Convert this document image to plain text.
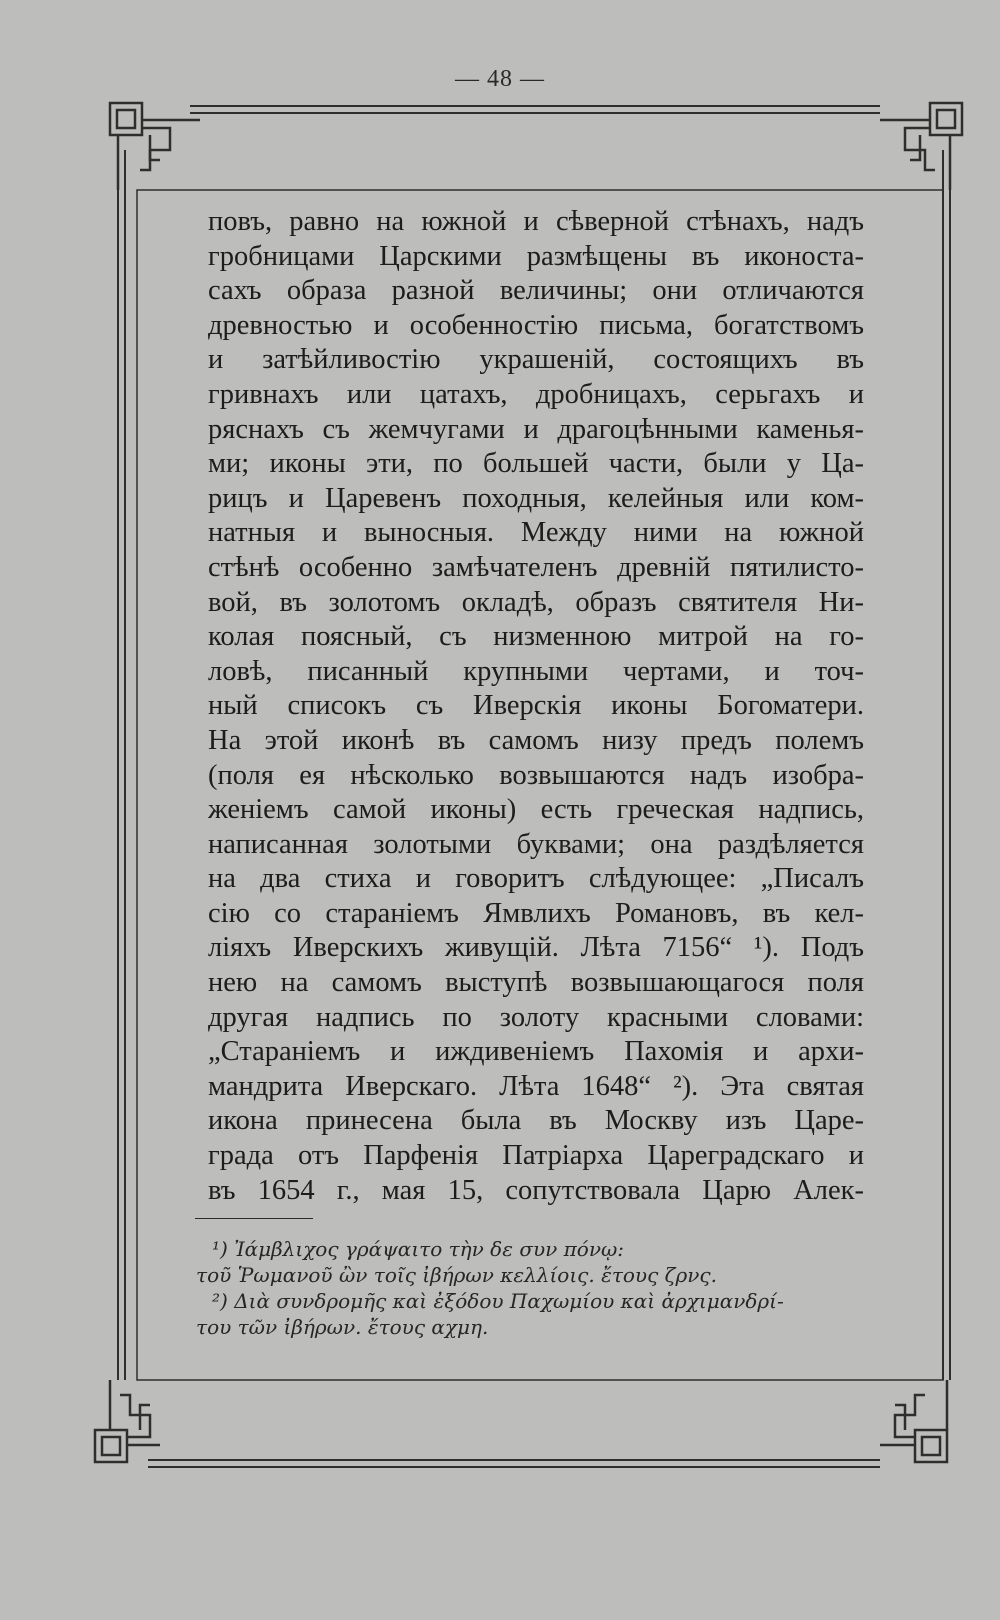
— 48 —
повъ, равно на южной и сѣверной стѣнахъ, надъ
гробницами Царскими размѣщены въ иконоста-
сахъ образа разной величины; они отличаются
древностью и особенностію письма, богатствомъ
и затѣйливостію украшеній, состоящихъ въ
гривнахъ или цатахъ, дробницахъ, серьгахъ и
ряснахъ съ жемчугами и драгоцѣнными каменья-
ми; иконы эти, по большей части, были у Ца-
рицъ и Царевенъ походныя, келейныя или ком-
натныя и выносныя. Между ними на южной
стѣнѣ особенно замѣчателенъ древній пятилисто-
вой, въ золотомъ окладѣ, образъ святителя Ни-
колая поясный, съ низменною митрой на го-
ловѣ, писанный крупными чертами, и точ-
ный списокъ съ Иверскія иконы Богоматери.
На этой иконѣ въ самомъ низу предъ полемъ
(поля ея нѣсколько возвышаются надъ изобра-
женіемъ самой иконы) есть греческая надпись,
написанная золотыми буквами; она раздѣляется
на два стиха и говоритъ слѣдующее: „Писалъ
сію со стараніемъ Ямвлихъ Романовъ, въ кел-
ліяхъ Иверскихъ живущій. Лѣта 7156“ ¹). Подъ
нею на самомъ выступѣ возвышающагося поля
другая надпись по золоту красными словами:
„Стараніемъ и иждивеніемъ Пахомія и архи-
мандрита Иверскаго. Лѣта 1648“ ²). Эта святая
икона принесена была въ Москву изъ Царе-
града отъ Парфенія Патріарха Цареградскаго и
въ 1654 г., мая 15, сопутствовала Царю Алек-
¹) Ἰάμβλιχος γράψαιτο τὴν δε συν πόνῳ:
τοῦ Ῥωμανοῦ ὢν τοῖς ἰβήρων κελλίοις. ἔτους ζρνς.
²) Διὰ συνδρομῆς καὶ ἐξόδου Παχωμίου καὶ ἀρχιμανδρί-
του τῶν ἰβήρων. ἔτους αχμη.
